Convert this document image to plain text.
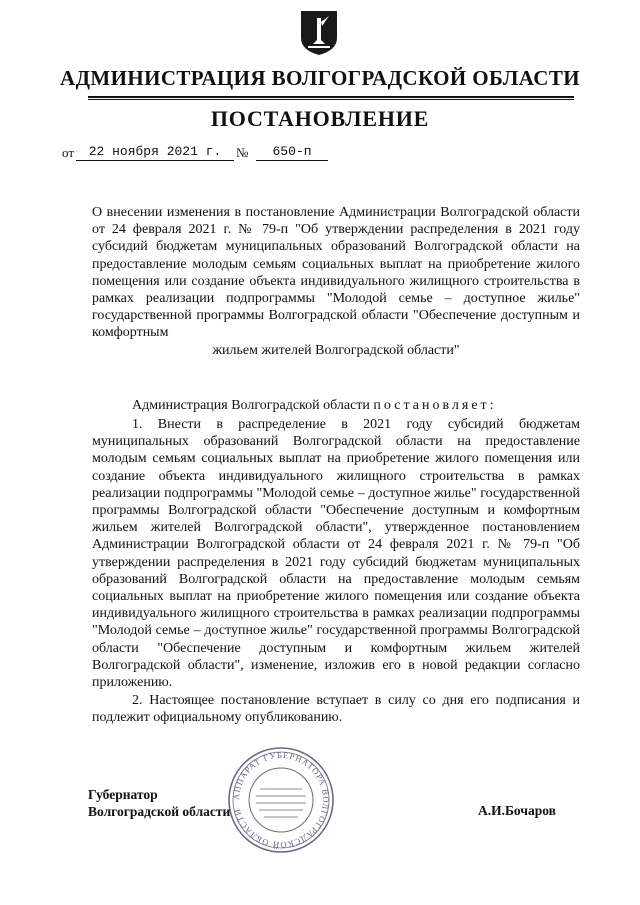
АДМИНИСТРАЦИЯ ВОЛГОГРАДСКОЙ ОБЛАСТИ
ПОСТАНОВЛЕНИЕ
от	22 ноября 2021 г.	№	650-п

О внесении изменения в постановление Администрации Волгоградской области от 24 февраля 2021 г. № 79-п "Об утверждении распределения в 2021 году субсидий бюджетам муниципальных образований Волгоградской области на предоставление молодым семьям социальных выплат на приобретение жилого помещения или создание объекта индивидуального жилищного строительства в рамках реализации подпрограммы "Молодой семье – доступное жилье" государственной программы Волгоградской области "Обеспечение доступным и комфортным
жильем жителей Волгоградской области"

Администрация Волгоградской области постановляет:

1. Внести в распределение в 2021 году субсидий бюджетам муниципальных образований Волгоградской области на предоставление молодым семьям социальных выплат на приобретение жилого помещения или создание объекта индивидуального жилищного строительства в рамках реализации подпрограммы "Молодой семье – доступное жилье" государственной программы Волгоградской области "Обеспечение доступным и комфортным жильем жителей Волгоградской области", утвержденное постановлением Администрации Волгоградской области от 24 февраля 2021 г. № 79-п "Об утверждении распределения в 2021 году субсидий бюджетам муниципальных образований Волгоградской области на предоставление молодым семьям социальных выплат на приобретение жилого помещения или создание объекта индивидуального жилищного строительства в рамках реализации подпрограммы "Молодой семье – доступное жилье" государственной программы Волгоградской области "Обеспечение доступным и комфортным жильем жителей Волгоградской области", изменение, изложив его в новой редакции согласно приложению.

2. Настоящее постановление вступает в силу со дня его подписания и подлежит официальному опубликованию.

АППАРАТ ГУБЕРНАТОРА ВОЛГОГРАДСКОЙ ОБЛАСТИ
Губернатор
Волгоградской области	А.И.Бочаров
